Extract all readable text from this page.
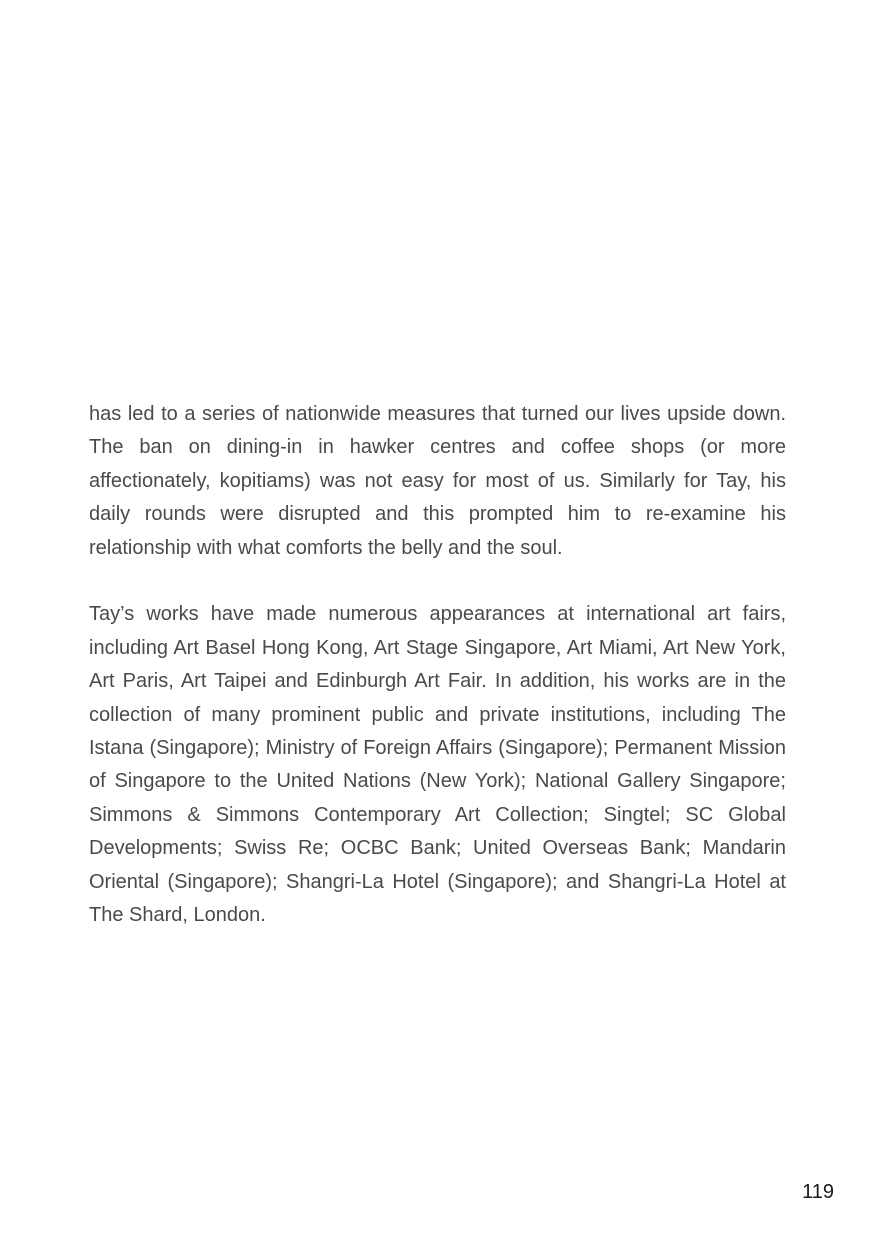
has led to a series of nationwide measures that turned our lives upside down. The ban on dining-in in hawker centres and coffee shops (or more affectionately, kopitiams) was not easy for most of us. Similarly for Tay, his daily rounds were disrupted and this prompted him to re-examine his relationship with what comforts the belly and the soul.

Tay’s works have made numerous appearances at international art fairs, including Art Basel Hong Kong, Art Stage Singapore, Art Miami, Art New York, Art Paris, Art Taipei and Edinburgh Art Fair. In addition, his works are in the collection of many prominent public and private institutions, including The Istana (Singapore); Ministry of Foreign Affairs (Singapore); Permanent Mission of Singapore to the United Nations (New York); National Gallery Singapore; Simmons & Simmons Contemporary Art Collection; Singtel; SC Global Developments; Swiss Re; OCBC Bank; United Overseas Bank; Mandarin Oriental (Singapore); Shangri-La Hotel (Singapore); and Shangri-La Hotel at The Shard, London.

119
